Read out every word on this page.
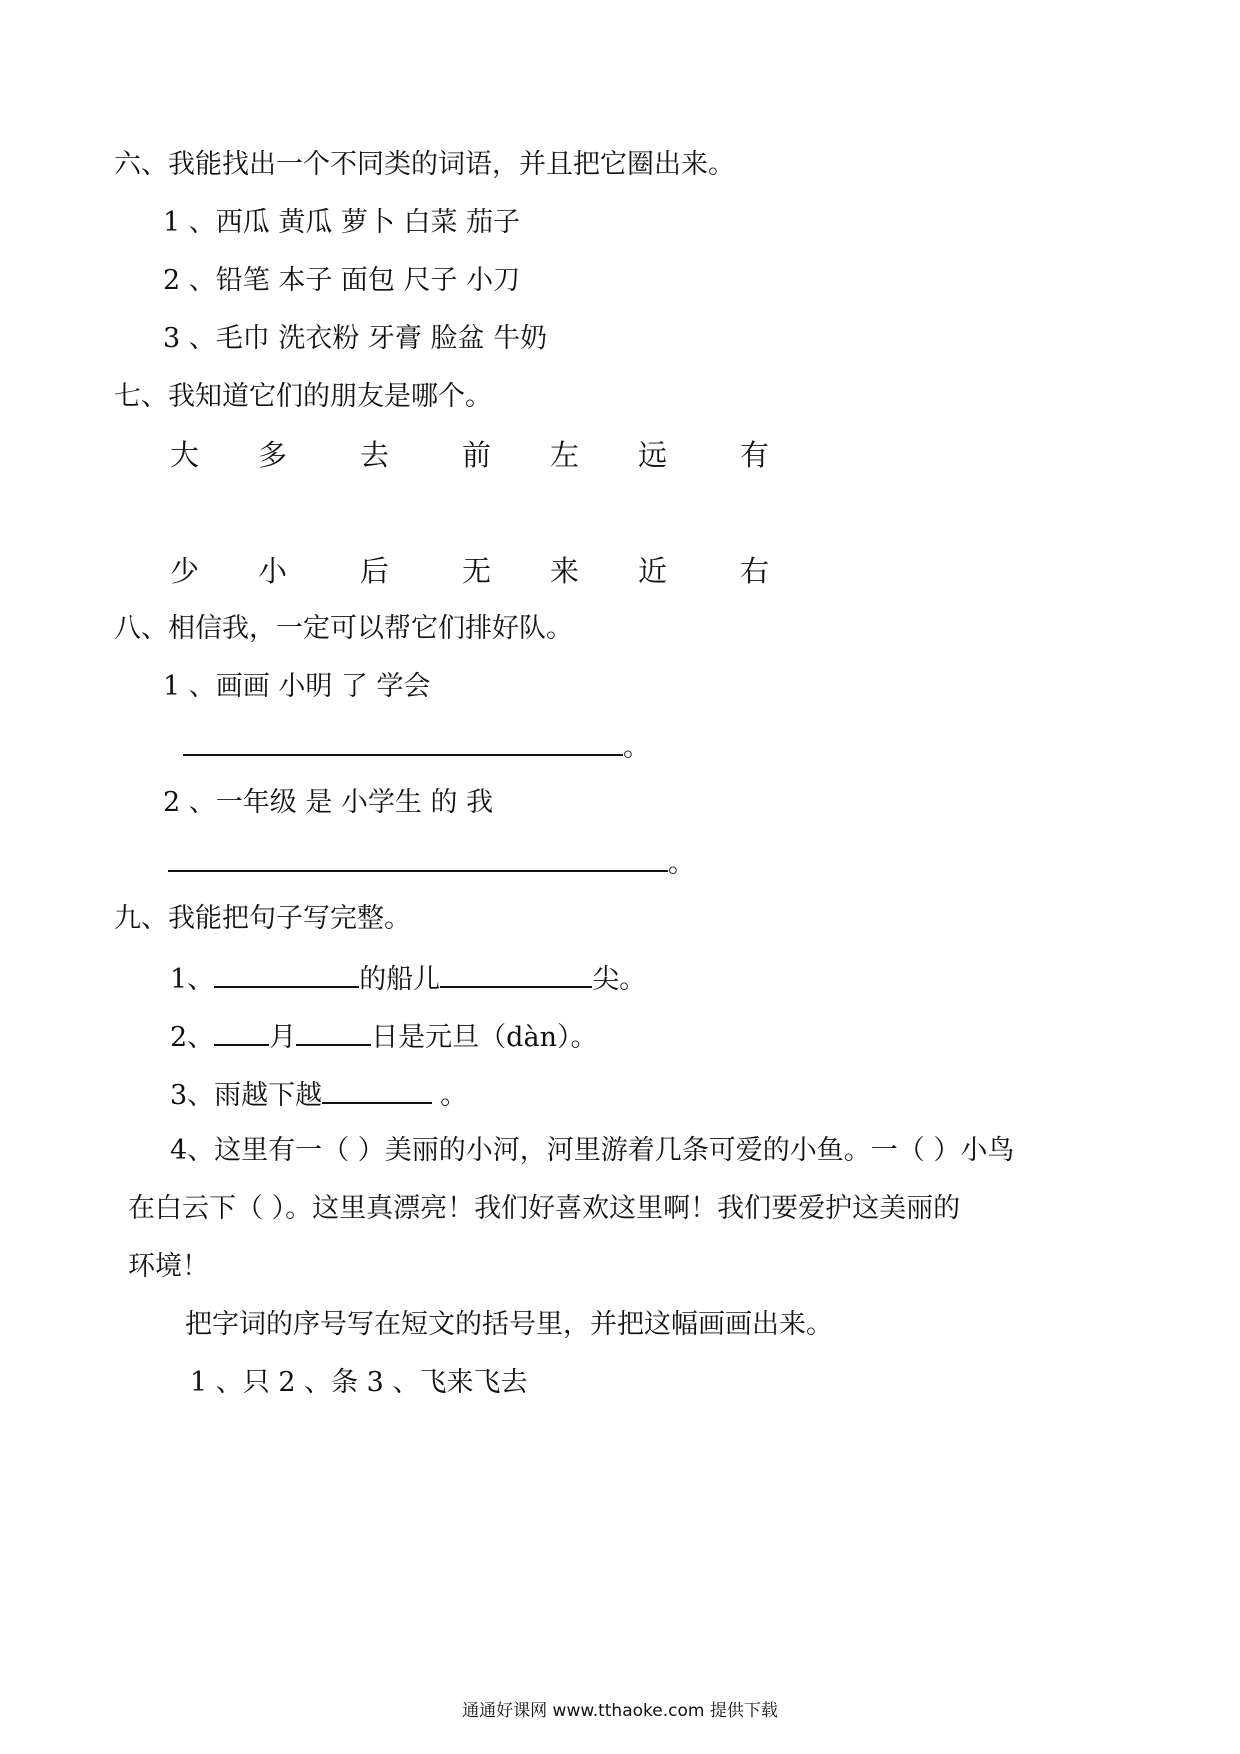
六、我能找出一个不同类的词语，并且把它圈出来。
1 、西瓜 黄瓜 萝卜 白菜 茄子
2 、铅笔 本子 面包 尺子 小刀
3 、毛巾 洗衣粉 牙膏 脸盆 牛奶
七、我知道它们的朋友是哪个。
大 多	去	前 左 远	有
少 小	后	无 来 近	右
八、相信我，一定可以帮它们排好队。
1 、画画 小明 了 学会
。
2 、一年级 是 小学生 的 我
。
九、我能把句子写完整。
1、	的船儿	尖。
2、 月	日是元旦（dàn）。
3、雨越下越	。
4、这里有一（ ）美丽的小河，河里游着几条可爱的小鱼。一（ ）小鸟
在白云下（ ）。这里真漂亮！我们好喜欢这里啊！我们要爱护这美丽的
环境！
把字词的序号写在短文的括号里，并把这幅画画出来。
1 、只 2 、条 3 、飞来飞去
通通好课网 www.tthaoke.com 提供下载
